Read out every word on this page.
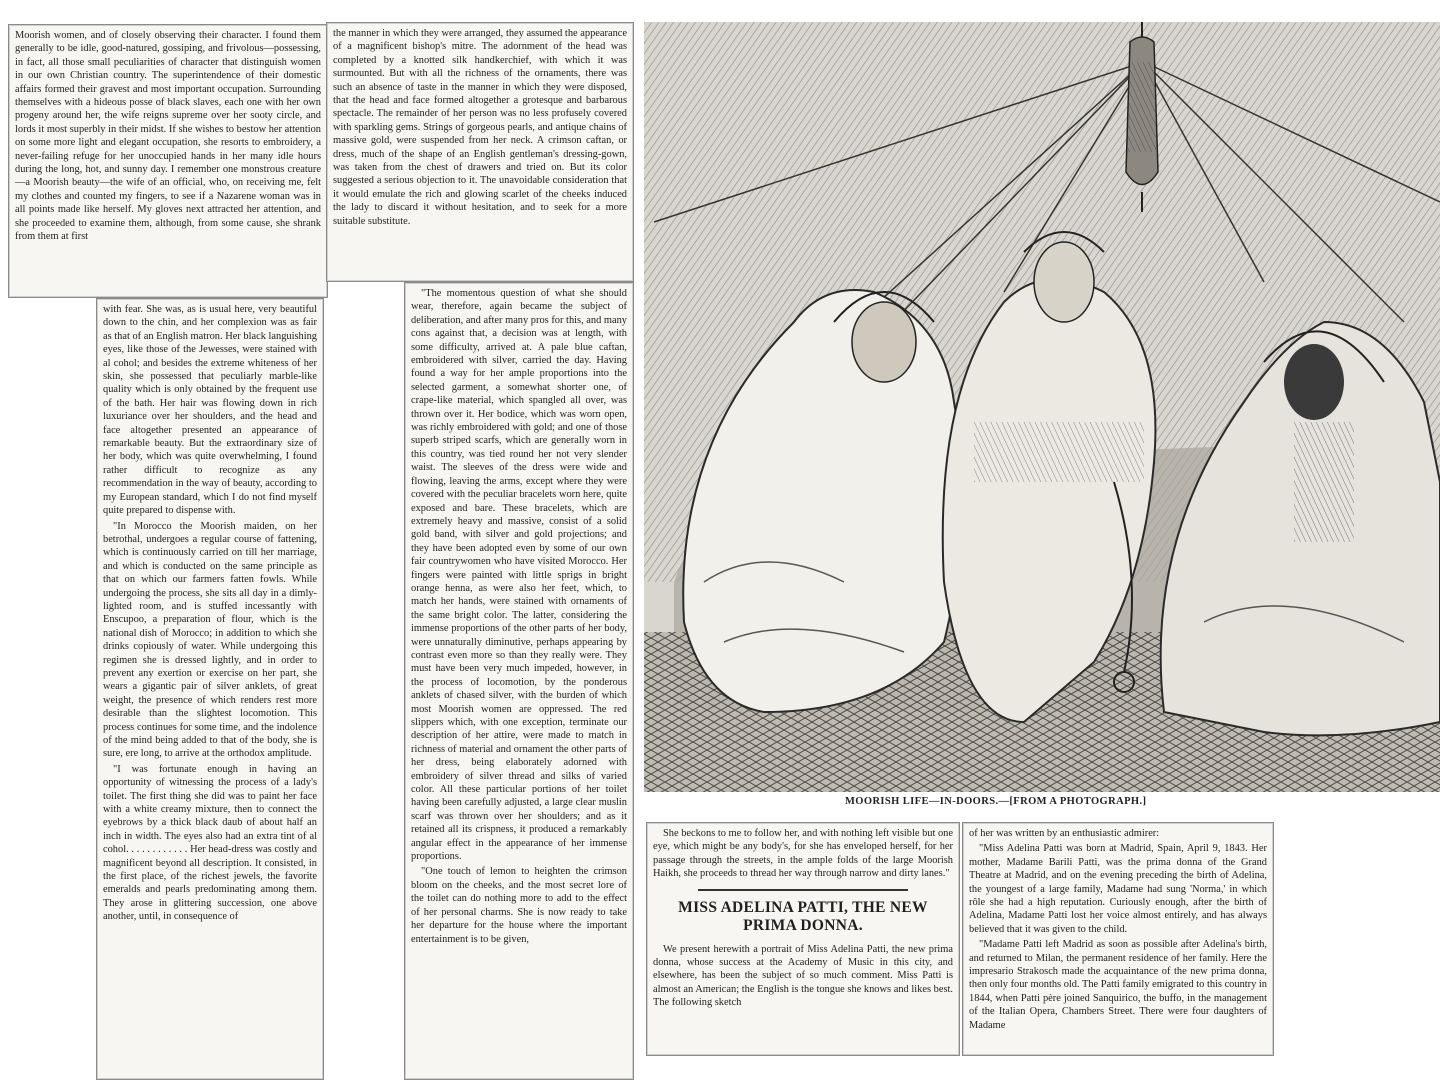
Moorish women, and of closely observing their character. I found them generally to be idle, good-natured, gossiping, and frivolous—possessing, in fact, all those small peculiarities of character that distinguish women in our own Christian country. The superintendence of their domestic affairs formed their gravest and most important occupation. Surrounding themselves with a hideous posse of black slaves, each one with her own progeny around her, the wife reigns supreme over her sooty circle, and lords it most superbly in their midst. If she wishes to bestow her attention on some more light and elegant occupation, she resorts to embroidery, a never-failing refuge for her unoccupied hands in her many idle hours during the long, hot, and sunny day. I remember one monstrous creature—a Moorish beauty—the wife of an official, who, on receiving me, felt my clothes and counted my fingers, to see if a Nazarene woman was in all points made like herself. My gloves next attracted her attention, and she proceeded to examine them, although, from some cause, she shrank from them at first

with fear. She was, as is usual here, very beautiful down to the chin, and her complexion was as fair as that of an English matron. Her black languishing eyes, like those of the Jewesses, were stained with al cohol; and besides the extreme whiteness of her skin, she possessed that peculiarly marble-like quality which is only obtained by the frequent use of the bath. Her hair was flowing down in rich luxuriance over her shoulders, and the head and face altogether presented an appearance of remarkable beauty. But the extraordinary size of her body, which was quite overwhelming, I found rather difficult to recognize as any recommendation in the way of beauty, according to my European standard, which I do not find myself quite prepared to dispense with.

"In Morocco the Moorish maiden, on her betrothal, undergoes a regular course of fattening, which is continuously carried on till her marriage, and which is conducted on the same principle as that on which our farmers fatten fowls. While undergoing the process, she sits all day in a dimly-lighted room, and is stuffed incessantly with Enscupoo, a preparation of flour, which is the national dish of Morocco; in addition to which she drinks copiously of water. While undergoing this regimen she is dressed lightly, and in order to prevent any exertion or exercise on her part, she wears a gigantic pair of silver anklets, of great weight, the presence of which renders rest more desirable than the slightest locomotion. This process continues for some time, and the indolence of the mind being added to that of the body, she is sure, ere long, to arrive at the orthodox amplitude.

"I was fortunate enough in having an opportunity of witnessing the process of a lady's toilet. The first thing she did was to paint her face with a white creamy mixture, then to connect the eyebrows by a thick black daub of about half an inch in width. The eyes also had an extra tint of al cohol. . . . . . . . . . . . Her head-dress was costly and magnificent beyond all description. It consisted, in the first place, of the richest jewels, the favorite emeralds and pearls predominating among them. They arose in glittering succession, one above another, until, in consequence of

the manner in which they were arranged, they assumed the appearance of a magnificent bishop's mitre. The adornment of the head was completed by a knotted silk handkerchief, with which it was surmounted. But with all the richness of the ornaments, there was such an absence of taste in the manner in which they were disposed, that the head and face formed altogether a grotesque and barbarous spectacle. The remainder of her person was no less profusely covered with sparkling gems. Strings of gorgeous pearls, and antique chains of massive gold, were suspended from her neck. A crimson caftan, or dress, much of the shape of an English gentleman's dressing-gown, was taken from the chest of drawers and tried on. But its color suggested a serious objection to it. The unavoidable consideration that it would emulate the rich and glowing scarlet of the cheeks induced the lady to discard it without hesitation, and to seek for a more suitable substitute.

"The momentous question of what she should wear, therefore, again became the subject of deliberation, and after many pros for this, and many cons against that, a decision was at length, with some difficulty, arrived at. A pale blue caftan, embroidered with silver, carried the day. Having found a way for her ample proportions into the selected garment, a somewhat shorter one, of crape-like material, which spangled all over, was thrown over it. Her bodice, which was worn open, was richly embroidered with gold; and one of those superb striped scarfs, which are generally worn in this country, was tied round her not very slender waist. The sleeves of the dress were wide and flowing, leaving the arms, except where they were covered with the peculiar bracelets worn here, quite exposed and bare. These bracelets, which are extremely heavy and massive, consist of a solid gold band, with silver and gold projections; and they have been adopted even by some of our own fair countrywomen who have visited Morocco. Her fingers were painted with little sprigs in bright orange henna, as were also her feet, which, to match her hands, were stained with ornaments of the same bright color. The latter, considering the immense proportions of the other parts of her body, were unnaturally diminutive, perhaps appearing by contrast even more so than they really were. They must have been very much impeded, however, in the process of locomotion, by the ponderous anklets of chased silver, with the burden of which most Moorish women are oppressed. The red slippers which, with one exception, terminate our description of her attire, were made to match in richness of material and ornament the other parts of her dress, being elaborately adorned with embroidery of silver thread and silks of varied color. All these particular portions of her toilet having been carefully adjusted, a large clear muslin scarf was thrown over her shoulders; and as it retained all its crispness, it produced a remarkably angular effect in the appearance of her immense proportions.

"One touch of lemon to heighten the crimson bloom on the cheeks, and the most secret lore of the toilet can do nothing more to add to the effect of her personal charms. She is now ready to take her departure for the house where the important entertainment is to be given,

MOORISH LIFE—IN-DOORS.—[FROM A PHOTOGRAPH.]

She beckons to me to follow her, and with nothing left visible but one eye, which might be any body's, for she has enveloped herself, for her passage through the streets, in the ample folds of the large Moorish Haikh, she proceeds to thread her way through narrow and dirty lanes."

MISS ADELINA PATTI, THE NEW
PRIMA DONNA.

We present herewith a portrait of Miss Adelina Patti, the new prima donna, whose success at the Academy of Music in this city, and elsewhere, has been the subject of so much comment. Miss Patti is almost an American; the English is the tongue she knows and likes best. The following sketch

of her was written by an enthusiastic admirer:

"Miss Adelina Patti was born at Madrid, Spain, April 9, 1843. Her mother, Madame Barili Patti, was the prima donna of the Grand Theatre at Madrid, and on the evening preceding the birth of Adelina, the youngest of a large family, Madame had sung 'Norma,' in which rôle she had a high reputation. Curiously enough, after the birth of Adelina, Madame Patti lost her voice almost entirely, and has always believed that it was given to the child.

"Madame Patti left Madrid as soon as possible after Adelina's birth, and returned to Milan, the permanent residence of her family. Here the impresario Strakosch made the acquaintance of the new prima donna, then only four months old. The Patti family emigrated to this country in 1844, when Patti père joined Sanquirico, the buffo, in the management of the Italian Opera, Chambers Street. There were four daughters of Madame
